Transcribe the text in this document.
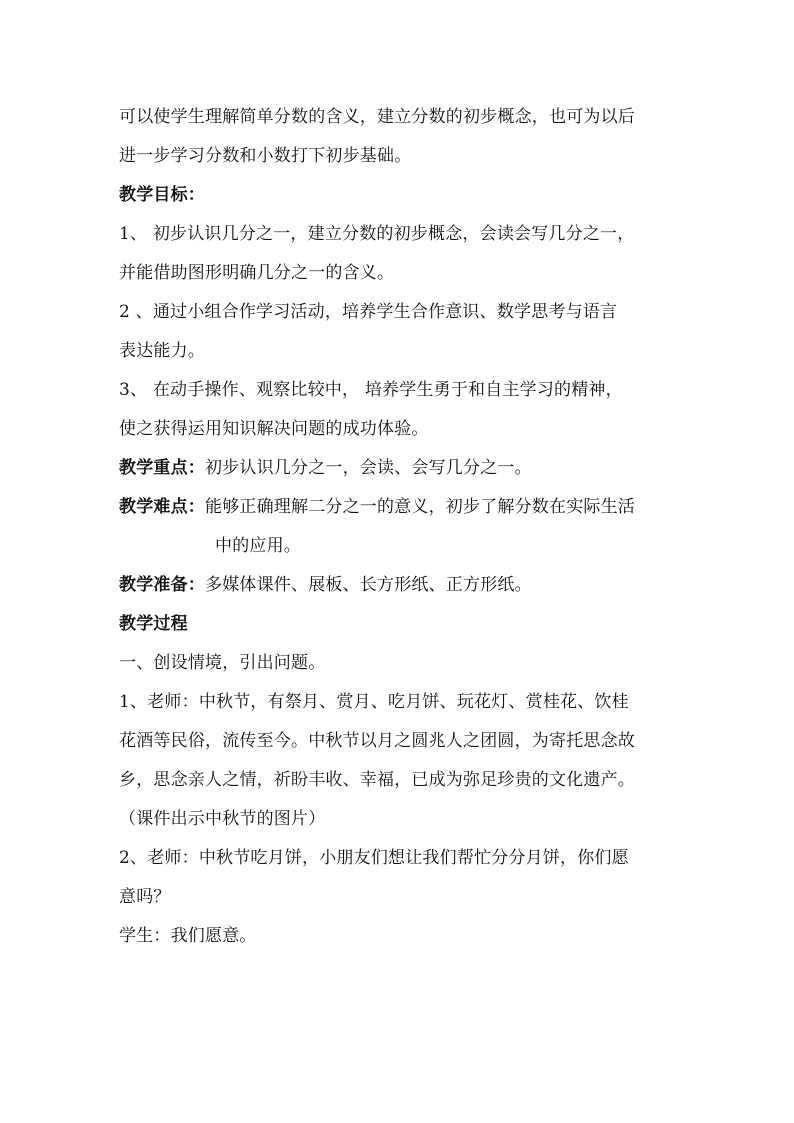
可以使学生理解简单分数的含义，建立分数的初步概念，也可为以后
进一步学习分数和小数打下初步基础。
教学目标：
1、 初步认识几分之一，建立分数的初步概念，会读会写几分之一，
并能借助图形明确几分之一的含义。
2 、通过小组合作学习活动，培养学生合作意识、数学思考与语言
表达能力。
3、 在动手操作、观察比较中， 培养学生勇于和自主学习的精神，
使之获得运用知识解决问题的成功体验。
教学重点：初步认识几分之一，会读、会写几分之一。
教学难点：能够正确理解二分之一的意义，初步了解分数在实际生活
中的应用。
教学准备：多媒体课件、展板、长方形纸、正方形纸。
教学过程
一、创设情境，引出问题。
1、老师：中秋节，有祭月、赏月、吃月饼、玩花灯、赏桂花、饮桂
花酒等民俗，流传至今。中秋节以月之圆兆人之团圆，为寄托思念故
乡，思念亲人之情，祈盼丰收、幸福，已成为弥足珍贵的文化遗产。
（课件出示中秋节的图片）
2、老师：中秋节吃月饼，小朋友们想让我们帮忙分分月饼，你们愿
意吗？
学生：我们愿意。
